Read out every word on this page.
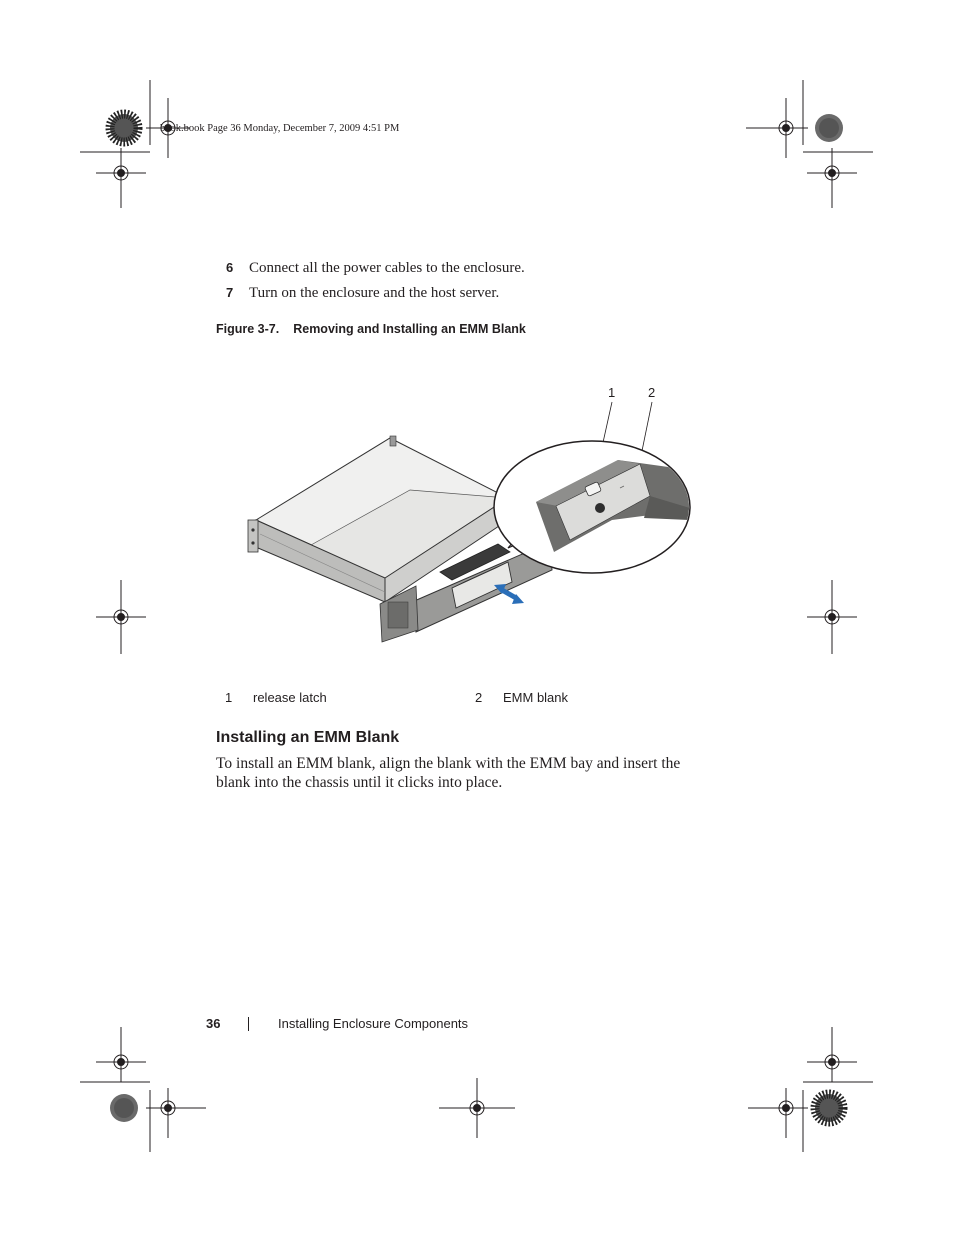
book.book Page 36 Monday, December 7, 2009 4:51 PM
6 Connect all the power cables to the enclosure.
7 Turn on the enclosure and the host server.
Figure 3-7. Removing and Installing an EMM Blank
1	2
1 release latch	2 EMM blank
Installing an EMM Blank
To install an EMM blank, align the blank with the EMM bay and insert the blank into the chassis until it clicks into place.
36	Installing Enclosure Components
